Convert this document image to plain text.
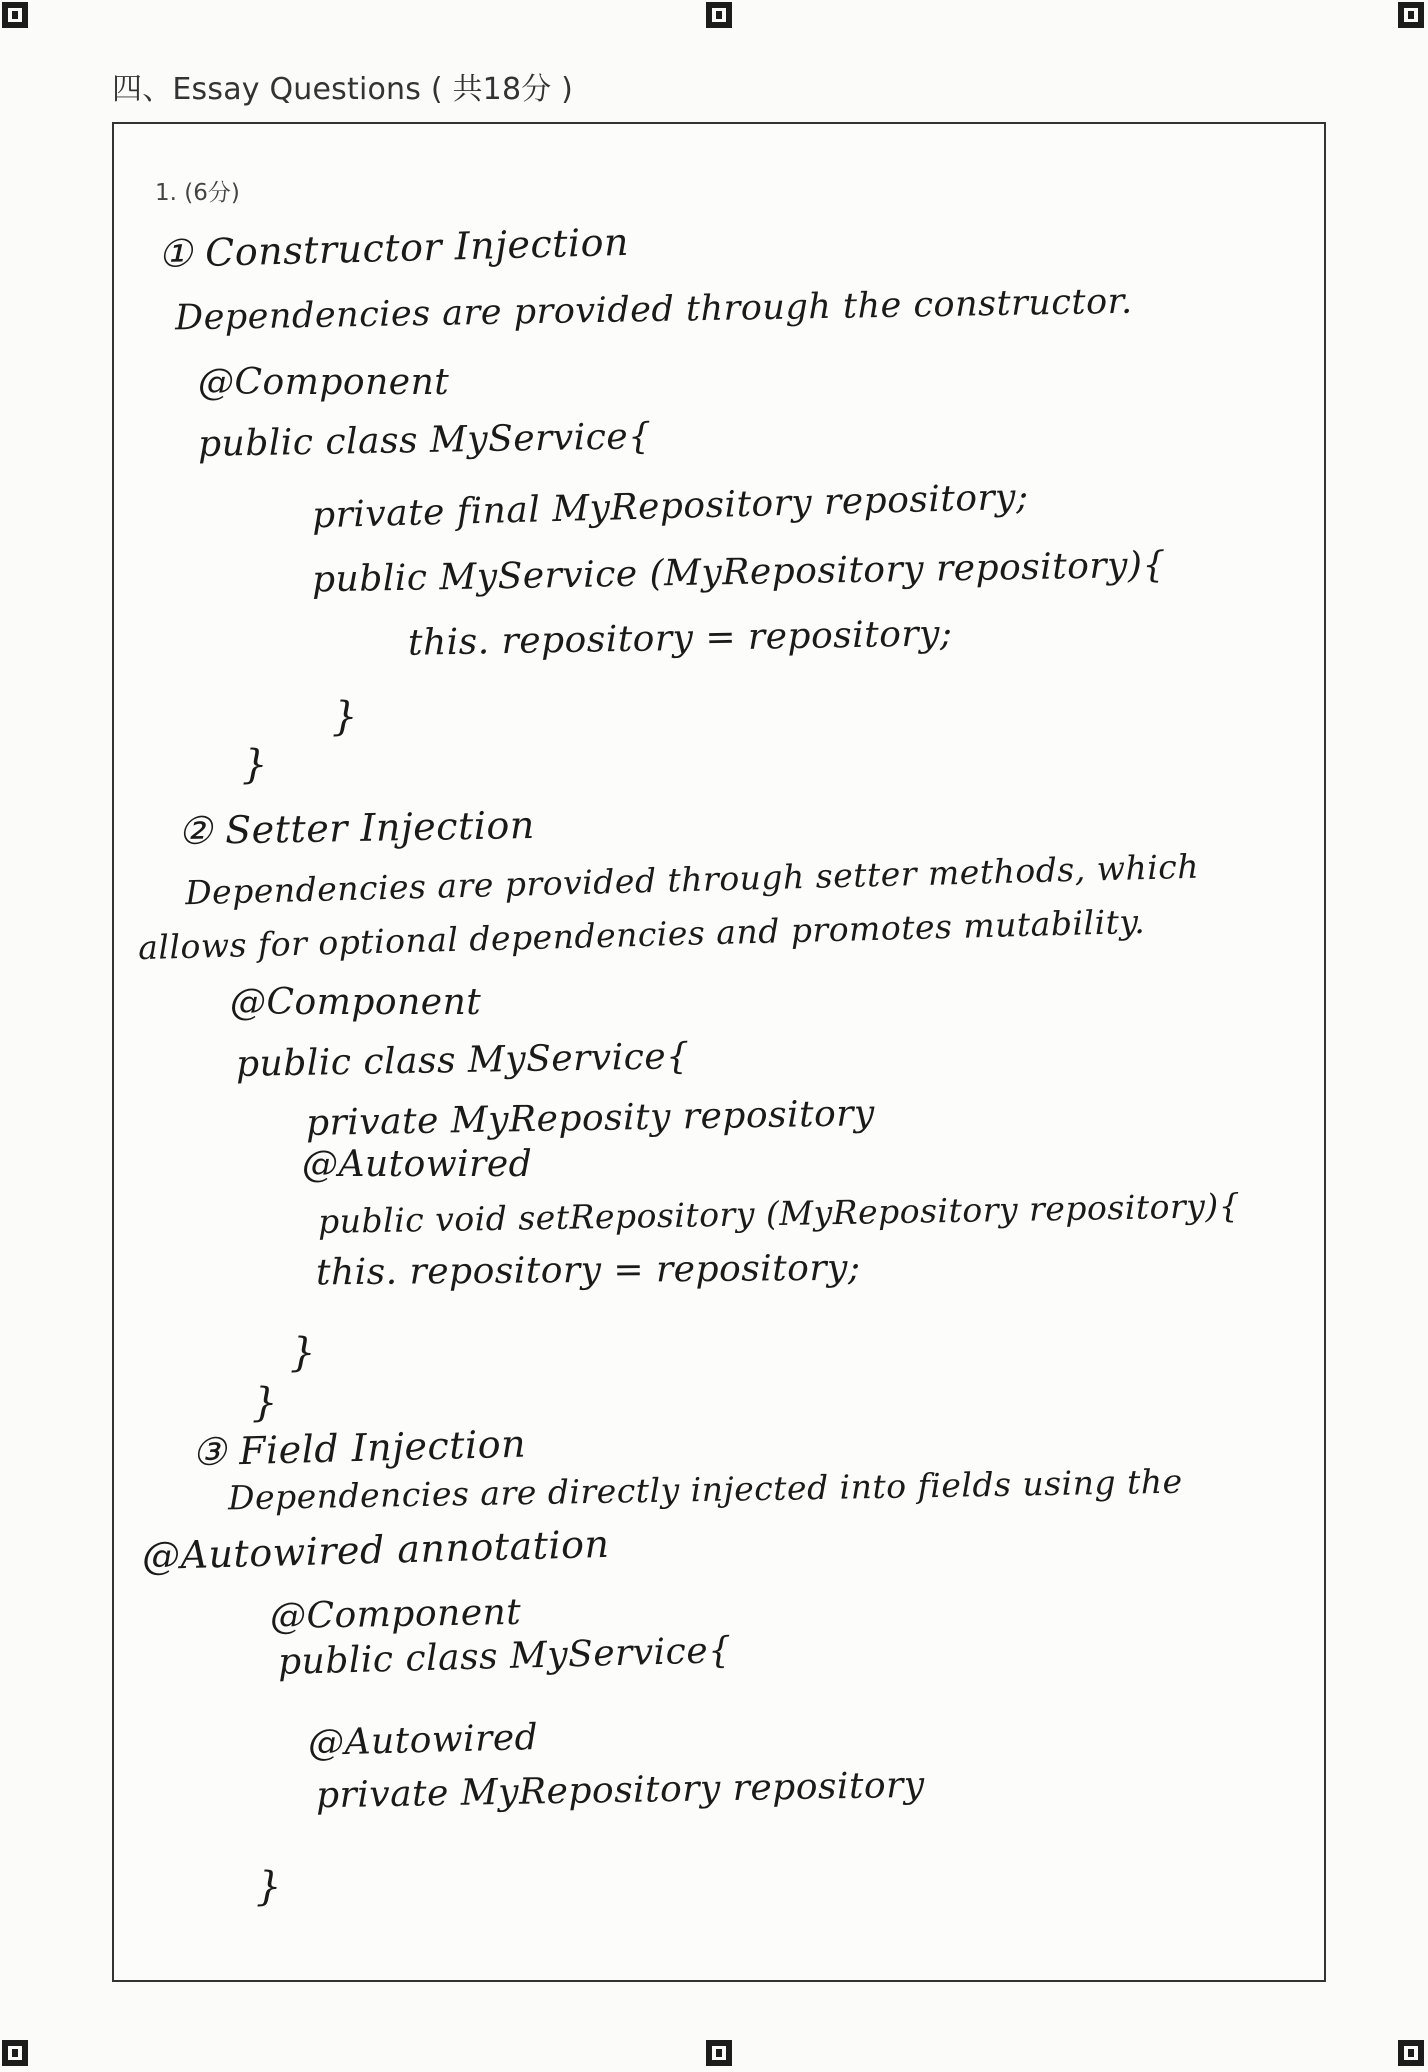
四、Essay Questions ( 共18分 )
1. (6分)
① Constructor Injection
Dependencies are provided through the constructor.
@Component
public class MyService{
private final MyRepository repository;
public MyService (MyRepository repository){
this. repository = repository;
}
}
② Setter Injection
Dependencies are provided through setter methods, which
allows for optional dependencies and promotes mutability.
@Component
public class MyService{
private MyReposity repository
@Autowired
public void setRepository (MyRepository repository){
this. repository = repository;
}
}
③ Field Injection
Dependencies are directly injected into fields using the
@Autowired annotation
@Component
public class MyService{
@Autowired
private MyRepository repository
}
